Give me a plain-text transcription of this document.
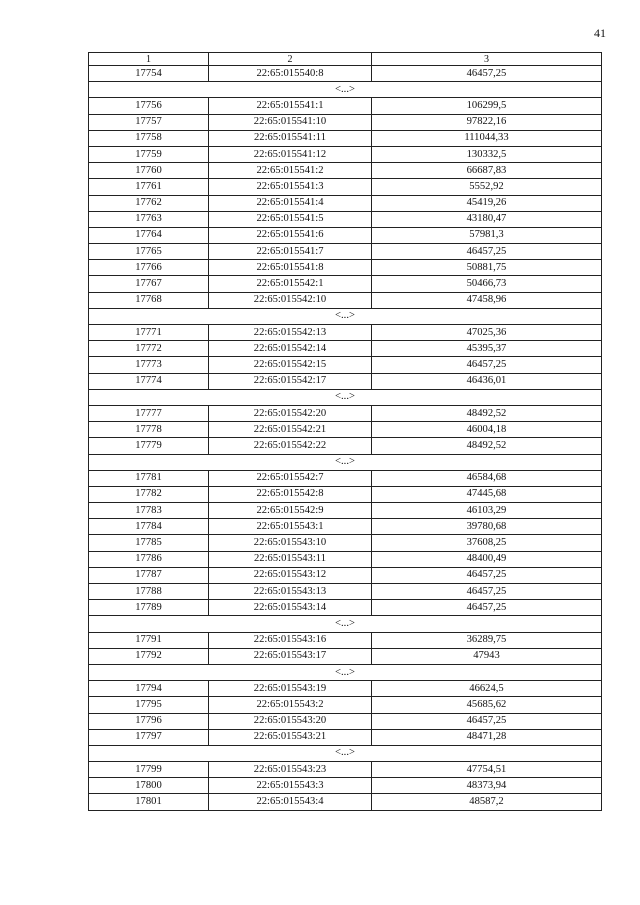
41
1	2	3
17754	22:65:015540:8	46457,25
<...>		
17756	22:65:015541:1	106299,5
17757	22:65:015541:10	97822,16
17758	22:65:015541:11	111044,33
17759	22:65:015541:12	130332,5
17760	22:65:015541:2	66687,83
17761	22:65:015541:3	5552,92
17762	22:65:015541:4	45419,26
17763	22:65:015541:5	43180,47
17764	22:65:015541:6	57981,3
17765	22:65:015541:7	46457,25
17766	22:65:015541:8	50881,75
17767	22:65:015542:1	50466,73
17768	22:65:015542:10	47458,96
<...>		
17771	22:65:015542:13	47025,36
17772	22:65:015542:14	45395,37
17773	22:65:015542:15	46457,25
17774	22:65:015542:17	46436,01
<...>		
17777	22:65:015542:20	48492,52
17778	22:65:015542:21	46004,18
17779	22:65:015542:22	48492,52
<...>		
17781	22:65:015542:7	46584,68
17782	22:65:015542:8	47445,68
17783	22:65:015542:9	46103,29
17784	22:65:015543:1	39780,68
17785	22:65:015543:10	37608,25
17786	22:65:015543:11	48400,49
17787	22:65:015543:12	46457,25
17788	22:65:015543:13	46457,25
17789	22:65:015543:14	46457,25
<...>		
17791	22:65:015543:16	36289,75
17792	22:65:015543:17	47943
<...>		
17794	22:65:015543:19	46624,5
17795	22:65:015543:2	45685,62
17796	22:65:015543:20	46457,25
17797	22:65:015543:21	48471,28
<...>		
17799	22:65:015543:23	47754,51
17800	22:65:015543:3	48373,94
17801	22:65:015543:4	48587,2
